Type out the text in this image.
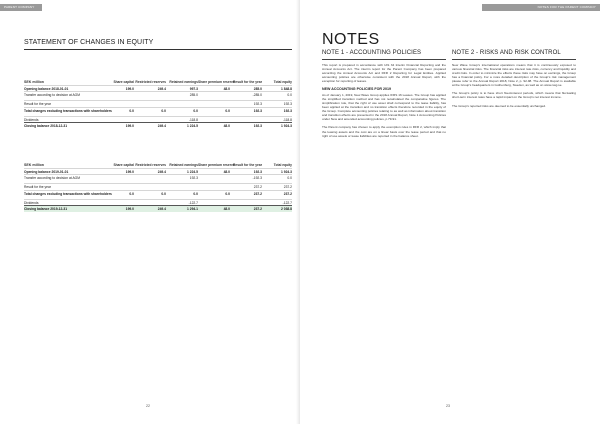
PARENT COMPANY
STATEMENT OF CHANGES IN EQUITY
SEK million	Share capital	Restricted reserves	Retained earnings	Share premium reserve	Result for the year	Total equity
Opening balance 2018-01-01	199.0	249.4	997.3	48.0	285.0	1 848.8
Transfer according to decision at AGM			285.0		-285.0	0.0

Result for the year					192.3	192.3
Total changes excluding transactions with shareholders	0.0	0.0	0.0	0.0	192.3	192.3

Dividends			-118.8			-118.8
Closing balance 2018-12-31	199.0	249.4	1 224.5	48.0	192.3	1 924.3
SEK million	Share capital	Restricted reserves	Retained earnings	Share premium reserve	Result for the year	Total equity
Opening balance 2019-01-01	199.0	249.4	1 224.5	48.0	192.3	1 924.3
Transfer according to decision at AGM			192.3		-192.3	0.0

Result for the year					237.2	237.2
Total changes excluding transactions with shareholders	0.0	0.0	0.0	0.0	237.2	237.2

Dividends			-122.7			-122.7
Closing balance 2019-12-31	199.0	249.4	1 294.1	48.0	237.2	2 038.8
22
NOTES FOR THE PARENT COMPANY
23
NOTES
NOTE 1 - ACCOUNTING POLICIES

This report is prepared in accordance with IAS 34 Interim Financial Reporting and the Annual Accounts Act. The interim report for the Parent Company has been prepared according the Annual Accounts Act and RFR 2 Reporting for Legal Entities. Applied accounting policies are otherwise consistent with the 2018 Annual Report, with the exception for reporting of leases.

NEW ACCOUNTING POLICIES FOR 2019

As of January 1, 2019, New Wave Group applies IFRS 16 Leases. The Group has applied the simplified transition method and has not recalculated the comparative figures. The simplification rule, that the right of use asset shall correspond to the lease liability, has been applied at the transition and no transition effects therefore recorded in the equity of the Group. Complete accounting policies relating to as well as information about transition and transition effects are presented in the 2018 Annual Report, Note 1 Accounting Policies under New and amended accounting policies, p.79-91.

The Parent company has chosen to apply the exemption rules in RFR 2, which imply that the leasing assets and the cost are on a linear basis over the lease period and that no right of use assets or lease liabilities are reported in the balance sheet.

NOTE 2 - RISKS AND RISK CONTROL

New Wave Group's international operations means that it is continuously exposed to various financial risks. The financial risks are interest rate risks, currency and liquidity and credit risks. In order to minimize the effects these risks may have on earnings, the Group has a financial policy. For a more detailed description of the Group's risk management please refer to the Annual Report 2018, Note 2, p. 92-98. The Annual Report is available at the Group's headquarters in Gothenburg, Sweden, as well as on www.nwg.se.

The Group's policy is to have short fixed-interest periods, which means that fluctuating short-term interest rates have a rapid impact on the Group's net interest income.

The Group's reported risks are deemed to be essentially unchanged.
